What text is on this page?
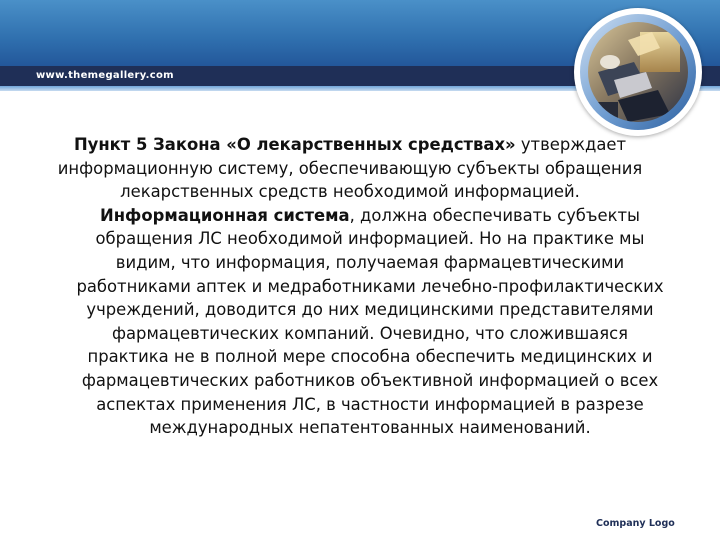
www.themegallery.com
Пункт 5 Закона «О лекарственных средствах» утверждает информационную систему, обеспечивающую субъекты обращения лекарственных средств необходимой информацией.
Информационная система, должна обеспечивать субъекты обращения ЛС необходимой информацией. Но на практике мы видим, что информация, получаемая фармацевтическими работниками аптек и медработниками лечебно-профилактических учреждений, доводится до них медицинскими представителями фармацевтических компаний. Очевидно, что сложившаяся практика не в полной мере способна обеспечить медицинских и фармацевтических работников объективной информацией о всех аспектах применения ЛС, в частности информацией в разрезе международных непатентованных наименований.
Company Logo
